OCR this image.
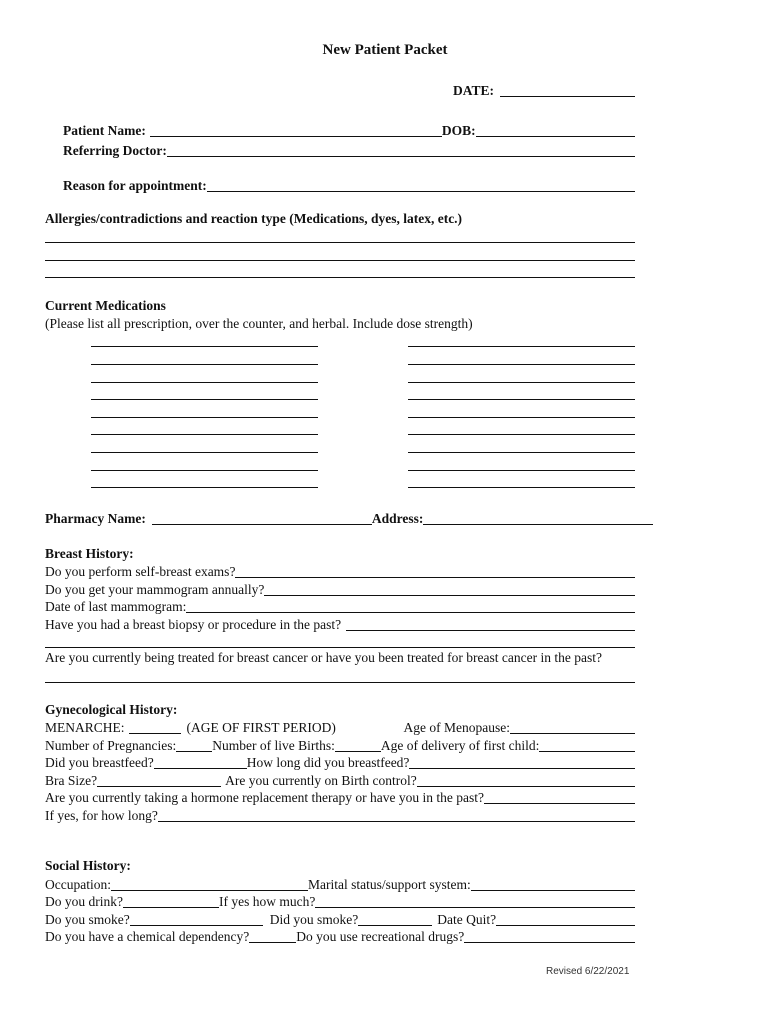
New Patient Packet
DATE:
Patient Name:	DOB:
Referring Doctor:
Reason for appointment:
Allergies/contradictions and reaction type (Medications, dyes, latex, etc.)
Current Medications
(Please list all prescription, over the counter, and herbal. Include dose strength)
Pharmacy Name:	Address:
Breast History:
Do you perform self-breast exams?
Do you get your mammogram annually?
Date of last mammogram:
Have you had a breast biopsy or procedure in the past?
Are you currently being treated for breast cancer or have you been treated for breast cancer in the past?
Gynecological History:
MENARCHE:	(AGE OF FIRST PERIOD)	Age of Menopause:
Number of Pregnancies:	Number of live Births:	Age of delivery of first child:
Did you breastfeed?	How long did you breastfeed?
Bra Size?	Are you currently on Birth control?
Are you currently taking a hormone replacement therapy or have you in the past?
If yes, for how long?
Social History:
Occupation:	Marital status/support system:
Do you drink?	If yes how much?
Do you smoke?	Did you smoke?	Date Quit?
Do you have a chemical dependency?	Do you use recreational drugs?
Revised 6/22/2021
